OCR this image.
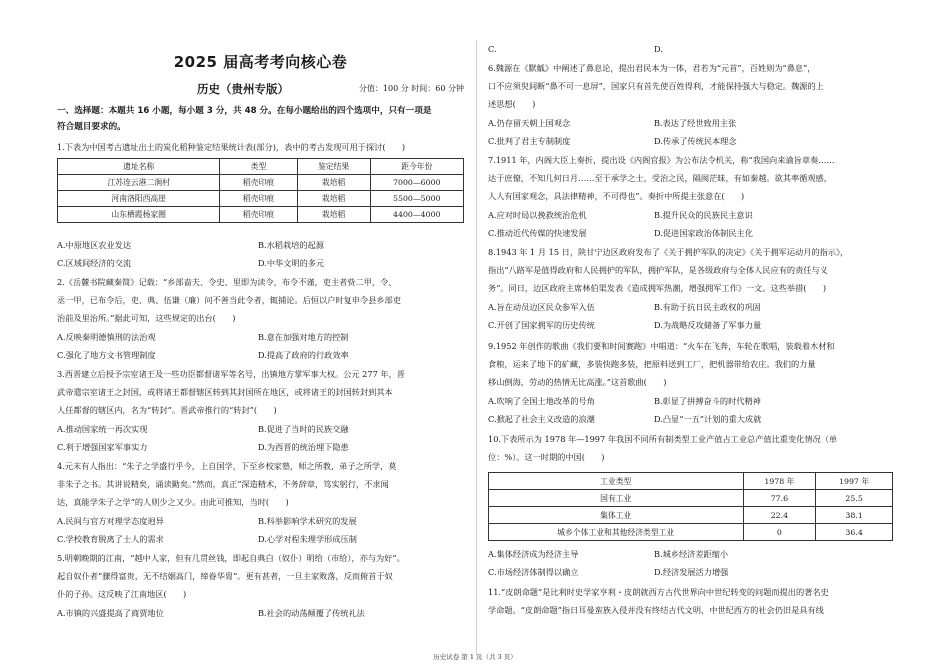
2025 届高考考向核心卷
历史（贵州专版）	分值：100 分 时间：60 分钟
一、选择题：本题共 16 小题，每小题 3 分，共 48 分。在每小题给出的四个选项中，只有一项是
符合题目要求的。
1.下表为中国考古遗址出土的炭化稻种鉴定结果统计表(部分)，表中的考古发现可用于探讨(　　)
遗址名称	类型	鉴定结果	距今年份
江苏连云港二涧村	稻壳印痕	栽培稻	7000—6000
河南洛阳西高崖	稻壳印痕	栽培稻	5500—5000
山东栖霞杨家圈	稻壳印痕	栽培稻	4400—4000
A.中原地区农业发达	B.水稻栽培的起源
C.区域间经济的交流	D.中华文明的多元
2.《岳麓书院藏秦简》记载：“乡部啬夫、令史、里即为读令，布令不谨，吏主者赀二甲，令、
丞一甲，已布令后，吏、典、伍谦（廉）问不善当此令者，辄捕论。后恒以户时复申令县乡部吏
治前及里治所。”据此可知，这些规定的出台(　　)
A.反映秦明德慎刑的法治观	B.意在加强对地方的控制
C.强化了地方文书管理制度	D.提高了政府的行政效率
3.西晋建立后授予宗室诸王及一些功臣都督诸军等名号，出镇地方掌军事大权。公元 277 年，晋
武帝遣宗室诸王之封国，或将诸王都督辖区转到其封国所在地区，或将诸王的封国转封到其本
人任都督的辖区内，名为“转封”。晋武帝推行的“转封”(　　)
A.推动国家统一再次实现	B.促进了当时的民族交融
C.利于增强国家军事实力	D.为西晋的统治埋下隐患
4.元末有人指出：“朱子之学盛行乎今，上自国学，下至乡校家塾，师之所教，弟子之所学，莫
非朱子之书。其讲说精矣，诵读勤矣。”然而，真正“深造精术，不务辞章，笃实躬行，不求闻
达，真能学朱子之学”的人则少之又少。由此可推知，当时(　　)
A.民间与官方对理学态度迥异	B.科举影响学术研究的发展
C.学校教育脱离了士人的需求	D.心学对程朱理学形成压制
5.明朝晚期的江南，“越中人家，但有几贯丝钱，即起自典白（奴仆）明给（市给），亦与为好”。
起自奴仆者“骤得富贵，无不结姻高门，缔眷华胄”。更有甚者，一旦主家败落，反而俯首于奴
仆的子孙。这反映了江南地区(　　)
A.市镇的兴盛提高了商贾地位	B.社会的动荡颠覆了传统礼法
C.	D.
6.魏源在《默觚》中阐述了鼻息论，提出君民本为一体，君若为“元首”，百姓则为“鼻息”，
口不应须臾间断“鼻不可一息屏”，国家只有首先使百姓得利，才能保持强大与稳定。魏源的上
述思想(　　)
A.仍存留天朝上国观念	B.表达了经世致用主张
C.批判了君主专制制度	D.传承了传统民本理念
7.1911 年，内阁大臣上奏折，提出设《内阁官报》为公布法令机关，称“我国向来谕旨章奏……
达于庶僚，不知几何日月……至于承学之士，受治之民，隔阂茫昧，有如秦越。欲其率循观感，
人人有国家观念，具法律精神，不可得也”。奏折中所提主张意在(　　)
A.应对时局以挽救统治危机	B.提升民众的民族民主意识
C.推动近代传媒的快速发展	D.促进国家政治体制民主化
8.1943 年 1 月 15 日，陕甘宁边区政府发布了《关于拥护军队的决定》《关于拥军运动月的指示》，
指出“八路军是值得政府和人民拥护的军队，拥护军队，是各级政府与全体人民应有的责任与义
务”。同日，边区政府主席林伯渠发表《造成拥军热潮，增强拥军工作》一文。这些举措(　　)
A.旨在动员边区民众参军入伍	B.有助于抗日民主政权的巩固
C.开创了国家拥军的历史传统	D.为战略反攻储备了军事力量
9.1952 年创作的歌曲《我们要和时间赛跑》中唱道：“火车在飞奔，车轮在歌唱，装载着木材和
食粮，运来了地下的矿藏，多装快跑多装，把原料送到工厂，把机器带给农庄。我们的力量
移山倒海，劳动的热情无比高涨。”这首歌曲(　　)
A.吹响了全国土地改革的号角	B.彰显了拼搏奋斗的时代精神
C.掀起了社会主义改造的浪潮	D.凸显“一五”计划的重大成就
10.下表所示为 1978 年—1997 年我国不同所有制类型工业产值占工业总产值比重变化情况（单
位：%）。这一时期的中国(　　)
工业类型	1978 年	1997 年
国有工业	77.6	25.5
集体工业	22.4	38.1
城乡个体工业和其他经济类型工业	0	36.4
A.集体经济成为经济主导	B.城乡经济差距缩小
C.市场经济体制得以确立	D.经济发展活力增强
11.“皮朗命题”是比利时史学家亨利・皮朗就西方古代世界向中世纪转变的问题而提出的著名史
学命题。“皮朗命题”指日耳曼蛮族入侵并没有终结古代文明，中世纪西方的社会仍旧是具有线
历史试卷 第 1 页（共 3 页）
